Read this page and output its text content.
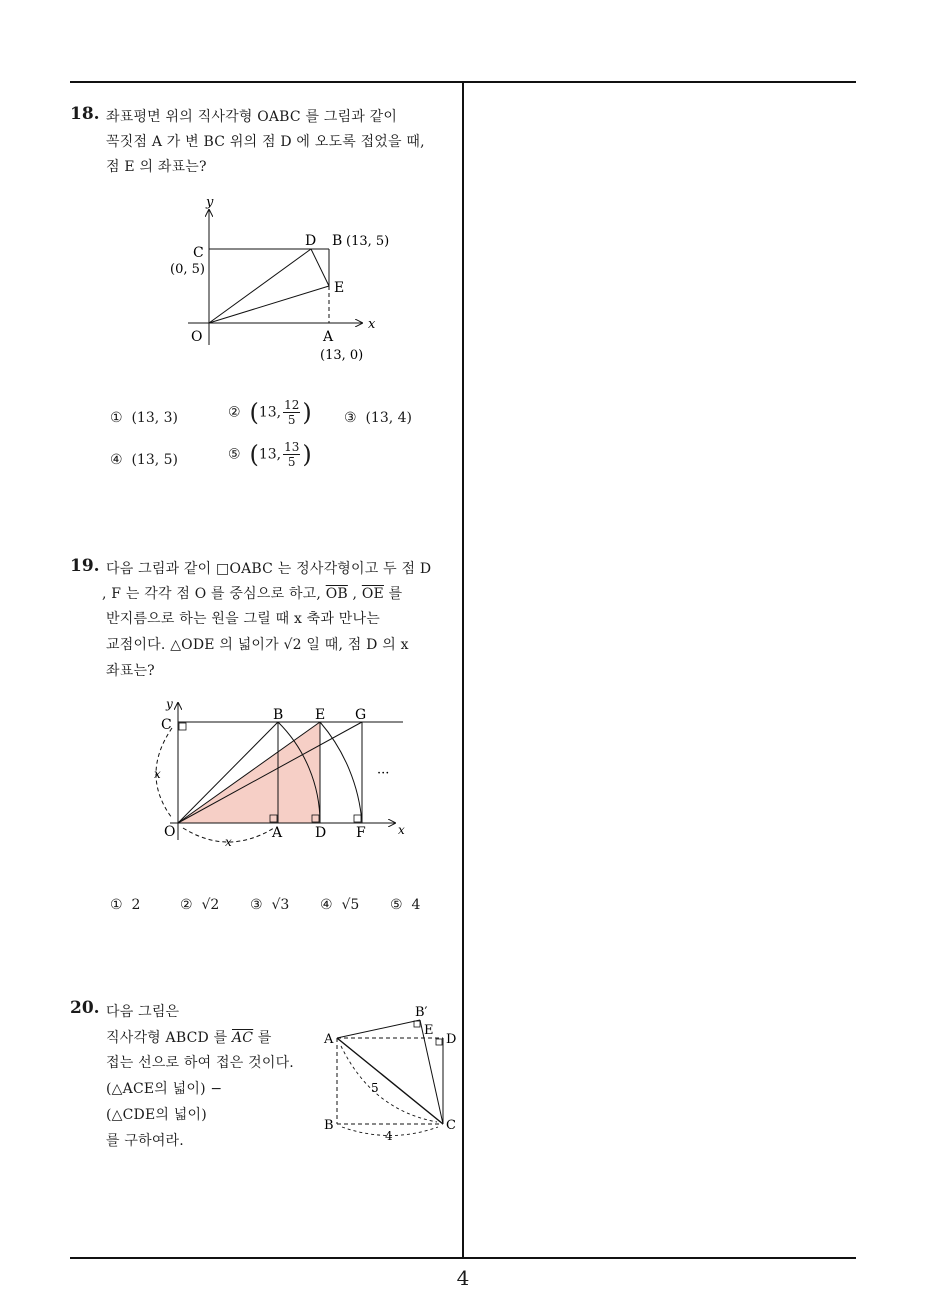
18. 좌표평면 위의 직사각형 OABC 를 그림과 같이
꼭짓점 A 가 변 BC 위의 점 D 에 오도록 접었을 때,
점 E 의 좌표는?
y
x
C
(0, 5)
D B (13, 5)
E
O	A
(13, 0)
① (13, 3)	② (13, $\frac{12}{5}$ ) ③ (13, 4)
④ (13, 5)	⑤ (13, $\frac{13}{5}$ )
19. 다음 그림과 같이 □OABC 는 정사각형이고 두 점 D
, F 는 각각 점 O 를 중심으로 하고, $\overline{OB}$ , $\overline{OE}$ 를
반지름으로 하는 원을 그릴 때 x 축과 만나는
교점이다. △ODE 의 넓이가 √2 일 때, 점 D 의 x
좌표는?
y
C
B E G
x	···
O	A D F	x
x
① 2	② √2 ③ √3 ④ √5 ⑤ 4
20. 다음 그림은
직사각형 ABCD 를 $\overline{AC}$ 를
접는 선으로 하여 접은 것이다.
(△ACE의 넓이) −
(△CDE의 넓이)
를 구하여라.
B′
A
E
D
B	C
5
4
4
